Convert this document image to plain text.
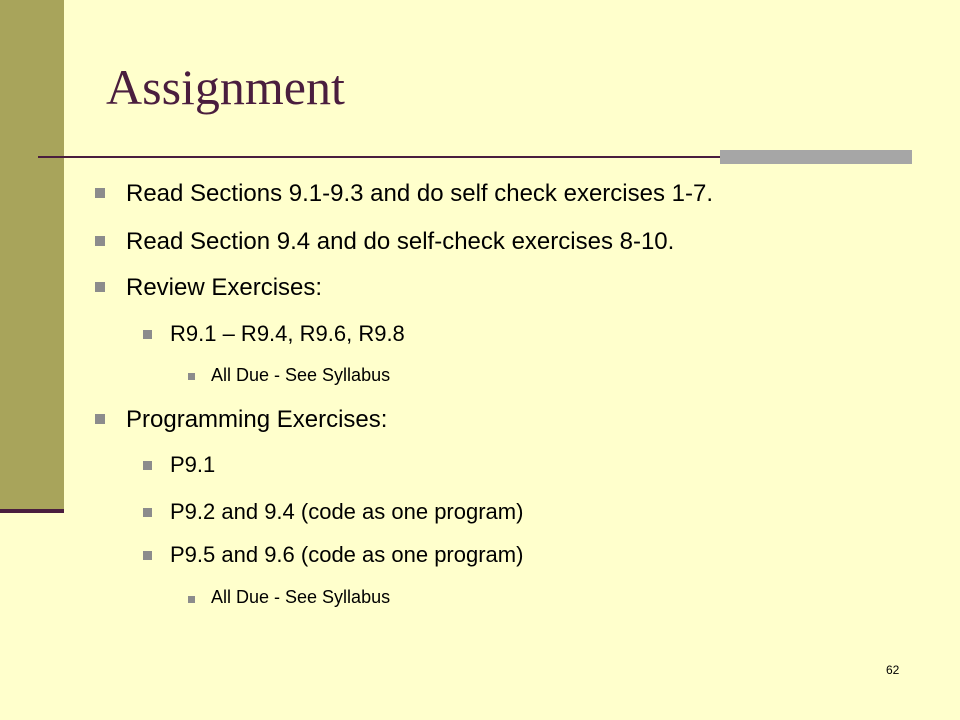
Assignment
Read Sections 9.1-9.3 and do self check exercises 1-7.
Read Section 9.4 and do self-check exercises 8-10.
Review Exercises:
R9.1 – R9.4, R9.6, R9.8
All Due - See Syllabus
Programming Exercises:
P9.1
P9.2 and 9.4 (code as one program)
P9.5 and 9.6 (code as one program)
All Due - See Syllabus
62
